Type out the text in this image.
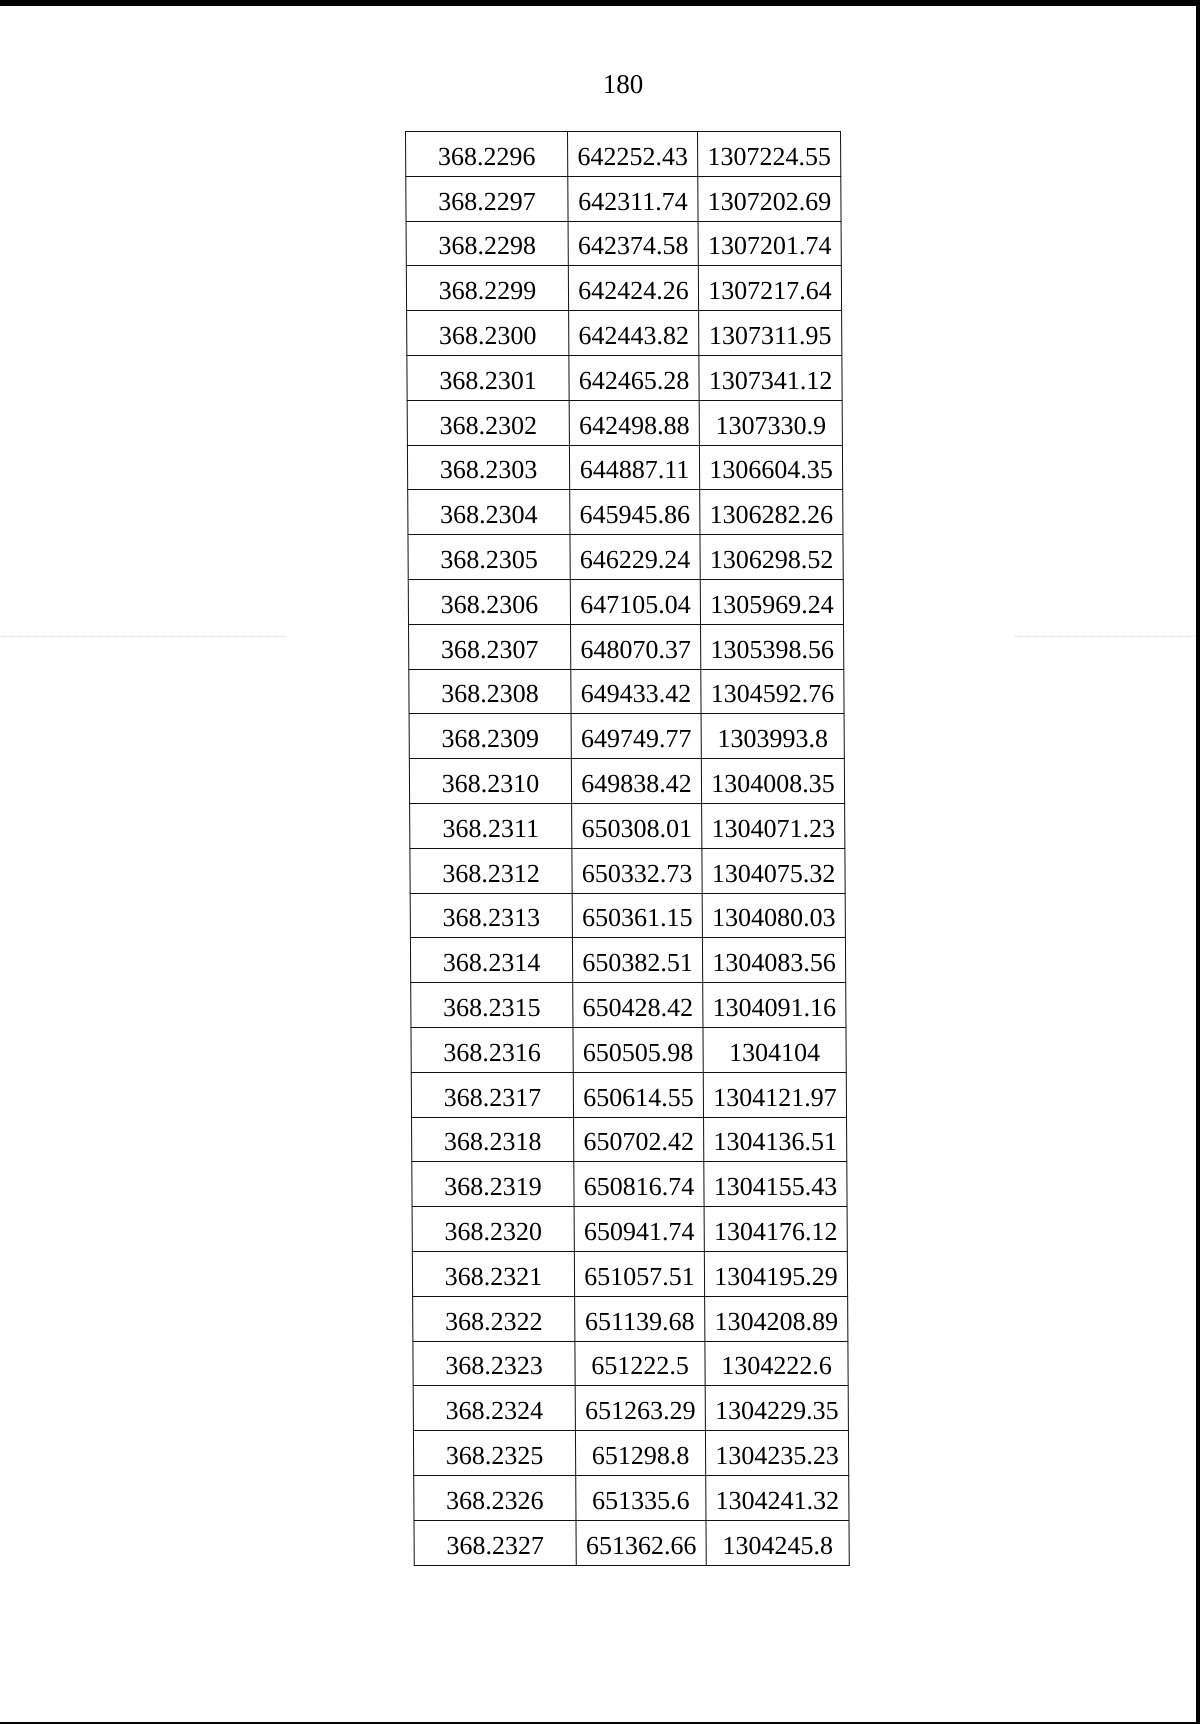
180
368.2296	642252.43	1307224.55
368.2297	642311.74	1307202.69
368.2298	642374.58	1307201.74
368.2299	642424.26	1307217.64
368.2300	642443.82	1307311.95
368.2301	642465.28	1307341.12
368.2302	642498.88	1307330.9
368.2303	644887.11	1306604.35
368.2304	645945.86	1306282.26
368.2305	646229.24	1306298.52
368.2306	647105.04	1305969.24
368.2307	648070.37	1305398.56
368.2308	649433.42	1304592.76
368.2309	649749.77	1303993.8
368.2310	649838.42	1304008.35
368.2311	650308.01	1304071.23
368.2312	650332.73	1304075.32
368.2313	650361.15	1304080.03
368.2314	650382.51	1304083.56
368.2315	650428.42	1304091.16
368.2316	650505.98	1304104
368.2317	650614.55	1304121.97
368.2318	650702.42	1304136.51
368.2319	650816.74	1304155.43
368.2320	650941.74	1304176.12
368.2321	651057.51	1304195.29
368.2322	651139.68	1304208.89
368.2323	651222.5	1304222.6
368.2324	651263.29	1304229.35
368.2325	651298.8	1304235.23
368.2326	651335.6	1304241.32
368.2327	651362.66	1304245.8
